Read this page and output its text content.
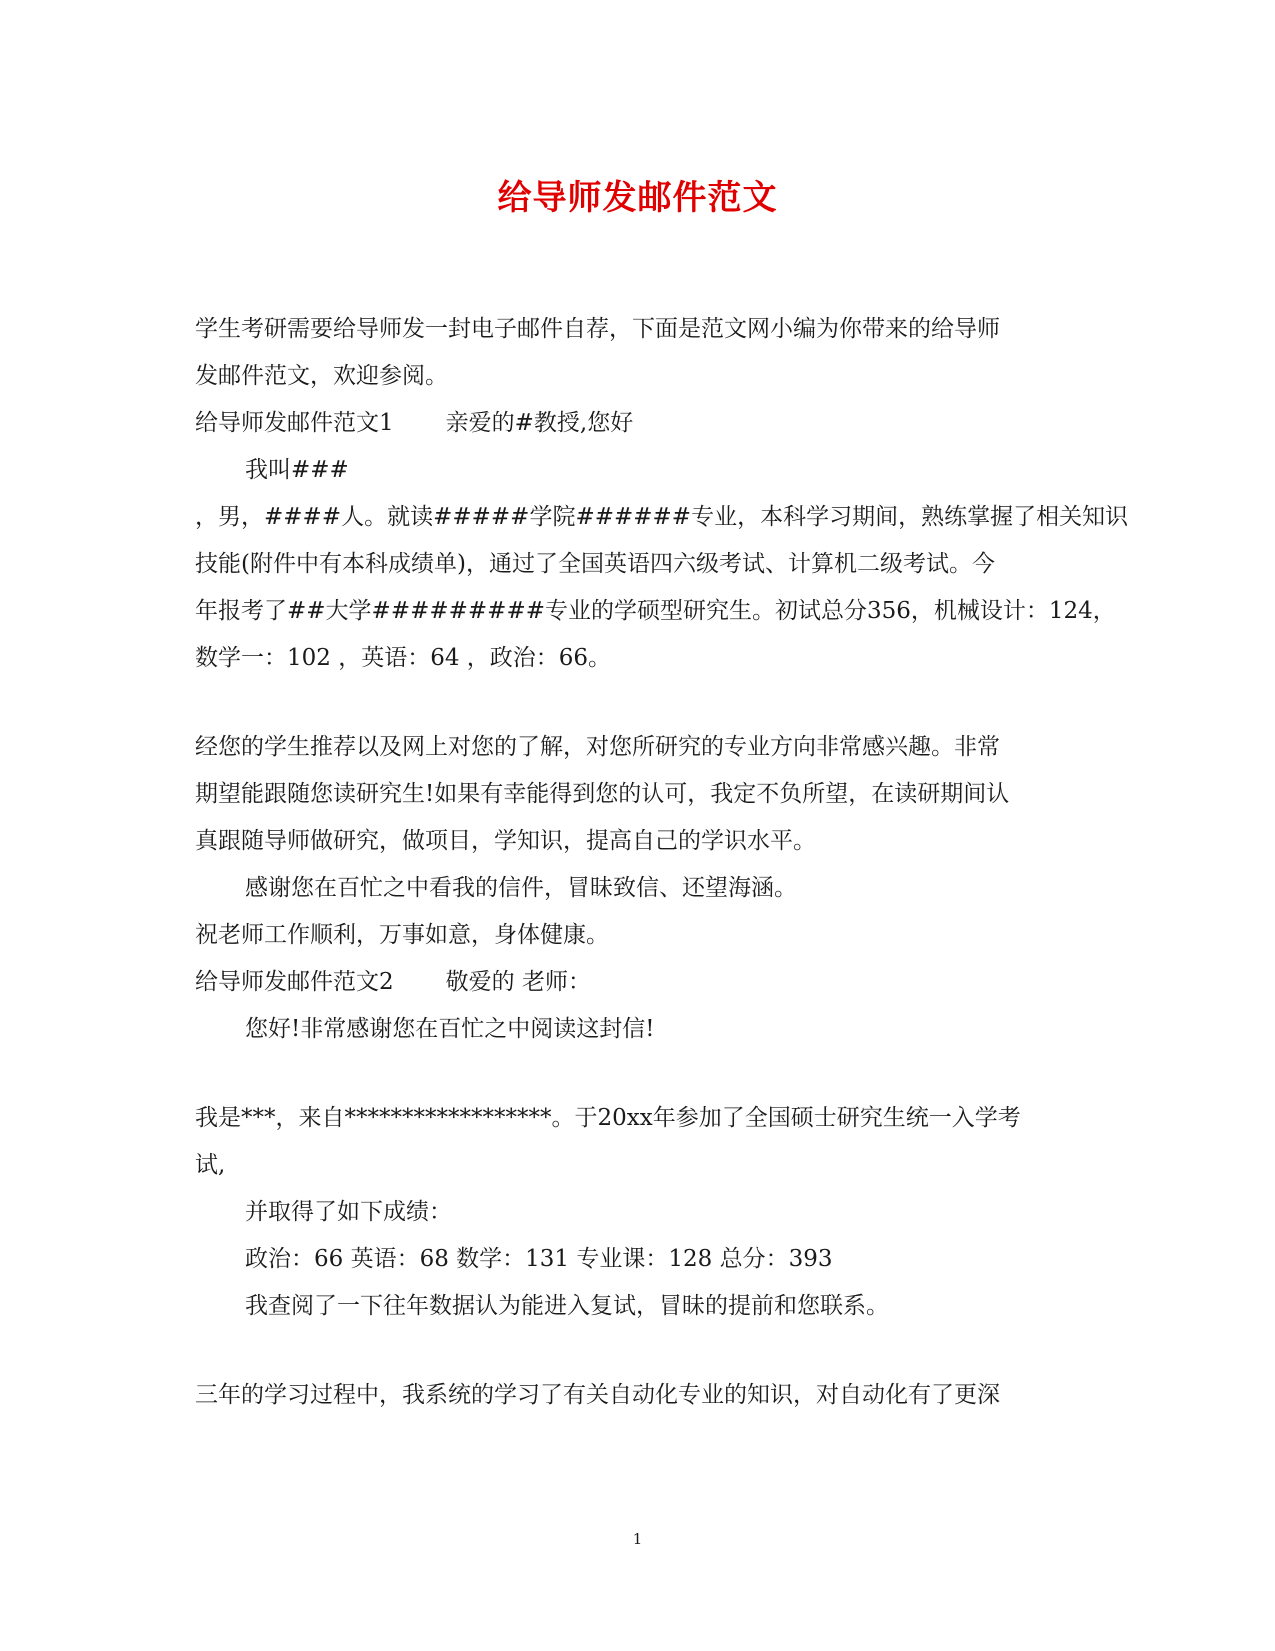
给导师发邮件范文
学生考研需要给导师发一封电子邮件自荐，下面是范文网小编为你带来的给导师
发邮件范文，欢迎参阅。
给导师发邮件范文1 亲爱的#教授,您好
我叫###
，男，####人。就读#####学院######专业，本科学习期间，熟练掌握了相关知识
技能(附件中有本科成绩单)，通过了全国英语四六级考试、计算机二级考试。今
年报考了##大学#########专业的学硕型研究生。初试总分356，机械设计：124，
数学一：102 ，英语：64 ，政治：66。
经您的学生推荐以及网上对您的了解，对您所研究的专业方向非常感兴趣。非常
期望能跟随您读研究生!如果有幸能得到您的认可，我定不负所望，在读研期间认
真跟随导师做研究，做项目，学知识，提高自己的学识水平。
感谢您在百忙之中看我的信件，冒昧致信、还望海涵。
祝老师工作顺利，万事如意，身体健康。
给导师发邮件范文2 敬爱的 老师：
您好!非常感谢您在百忙之中阅读这封信!
我是***，来自******************。于20xx年参加了全国硕士研究生统一入学考
试,
并取得了如下成绩：
政治：66 英语：68 数学：131 专业课：128 总分：393
我查阅了一下往年数据认为能进入复试，冒昧的提前和您联系。
三年的学习过程中，我系统的学习了有关自动化专业的知识，对自动化有了更深
1
